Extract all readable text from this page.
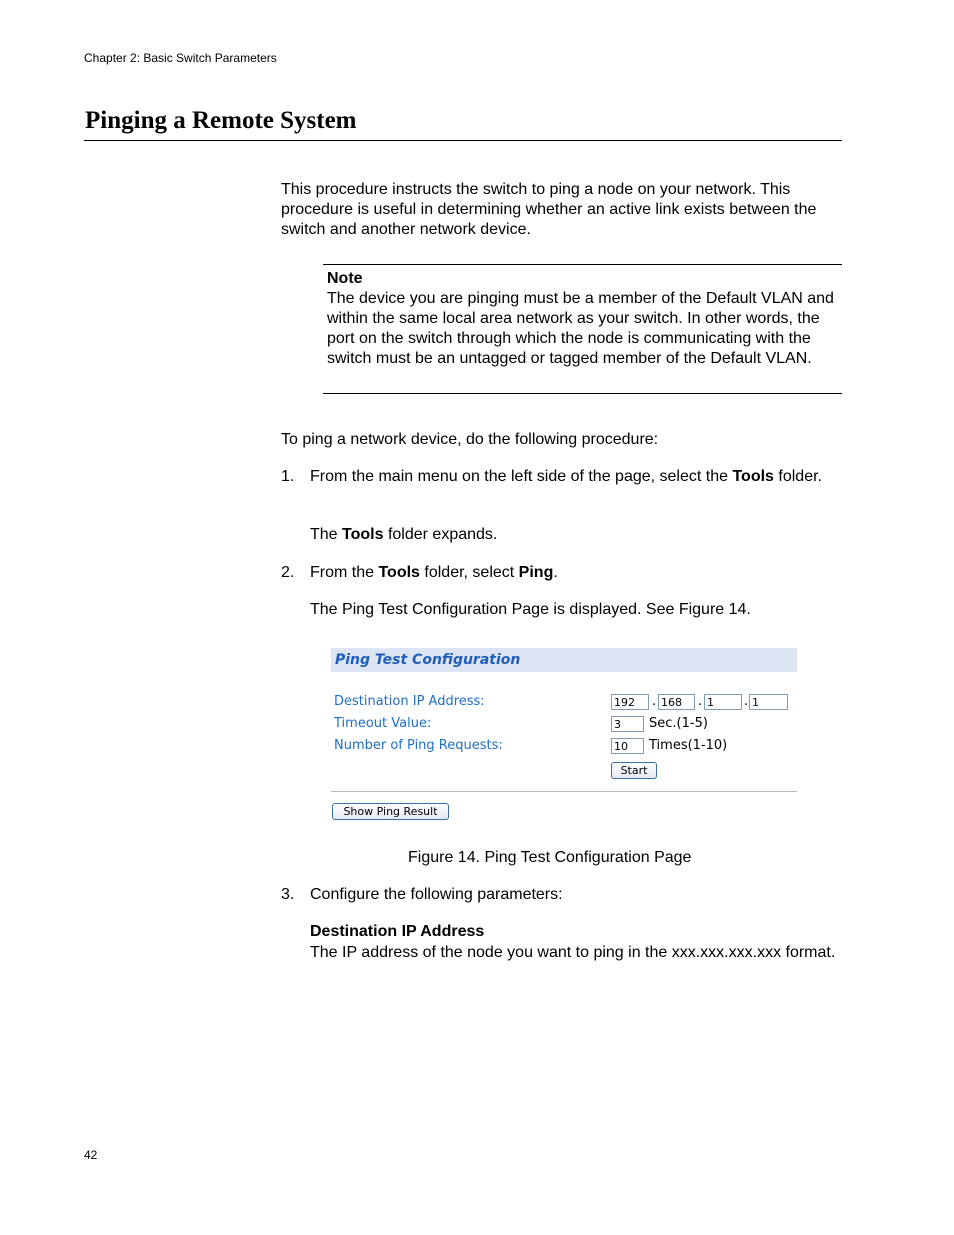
Chapter 2: Basic Switch Parameters
Pinging a Remote System
This procedure instructs the switch to ping a node on your network. This procedure is useful in determining whether an active link exists between the switch and another network device.
Note
The device you are pinging must be a member of the Default VLAN and within the same local area network as your switch. In other words, the port on the switch through which the node is communicating with the switch must be an untagged or tagged member of the Default VLAN.
To ping a network device, do the following procedure:
1. From the main menu on the left side of the page, select the Tools folder.
The Tools folder expands.
2. From the Tools folder, select Ping.
The Ping Test Configuration Page is displayed. See Figure 14.
Ping Test Configuration
Destination IP Address:	192	. 168	. 1	. 1
Timeout Value:	3	Sec.(1-5)
Number of Ping Requests:	10	Times(1-10)
Start
Show Ping Result
Figure 14. Ping Test Configuration Page
3. Configure the following parameters:
Destination IP Address
The IP address of the node you want to ping in the xxx.xxx.xxx.xxx format.
42
